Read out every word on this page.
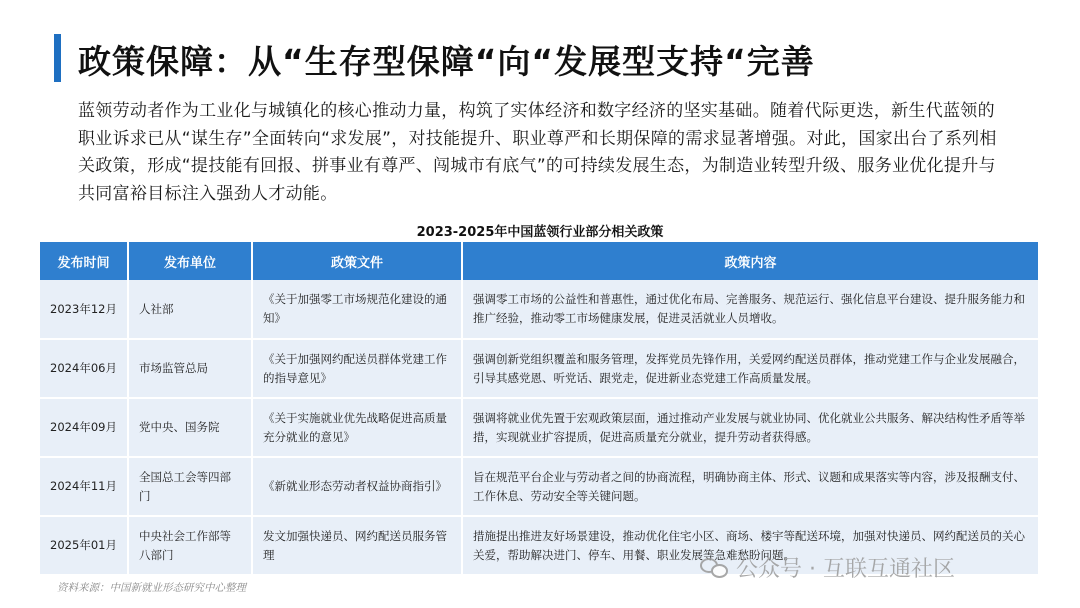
政策保障：从“生存型保障“向“发展型支持“完善

蓝领劳动者作为工业化与城镇化的核心推动力量，构筑了实体经济和数字经济的坚实基础。随着代际更迭，新生代蓝领的职业诉求已从“谋生存”全面转向“求发展”，对技能提升、职业尊严和长期保障的需求显著增强。对此，国家出台了系列相关政策，形成“提技能有回报、拼事业有尊严、闯城市有底气”的可持续发展生态，为制造业转型升级、服务业优化提升与共同富裕目标注入强劲人才动能。

2023-2025年中国蓝领行业部分相关政策
发布时间	发布单位	政策文件	政策内容
2023年12月	人社部	《关于加强零工市场规范化建设的通知》	强调零工市场的公益性和普惠性，通过优化布局、完善服务、规范运行、强化信息平台建设、提升服务能力和推广经验，推动零工市场健康发展，促进灵活就业人员增收。
2024年06月	市场监管总局	《关于加强网约配送员群体党建工作的指导意见》	强调创新党组织覆盖和服务管理，发挥党员先锋作用，关爱网约配送员群体，推动党建工作与企业发展融合，引导其感党恩、听党话、跟党走，促进新业态党建工作高质量发展。
2024年09月	党中央、国务院	《关于实施就业优先战略促进高质量充分就业的意见》	强调将就业优先置于宏观政策层面，通过推动产业发展与就业协同、优化就业公共服务、解决结构性矛盾等举措，实现就业扩容提质，促进高质量充分就业，提升劳动者获得感。
2024年11月	全国总工会等四部门	《新就业形态劳动者权益协商指引》	旨在规范平台企业与劳动者之间的协商流程，明确协商主体、形式、议题和成果落实等内容，涉及报酬支付、工作休息、劳动安全等关键问题。
2025年01月	中央社会工作部等八部门	发文加强快递员、网约配送员服务管理	措施提出推进友好场景建设，推动优化住宅小区、商场、楼宇等配送环境，加强对快递员、网约配送员的关心关爱，帮助解决进门、停车、用餐、职业发展等急难愁盼问题。
资料来源：中国新就业形态研究中心整理
公众号 · 互联互通社区
